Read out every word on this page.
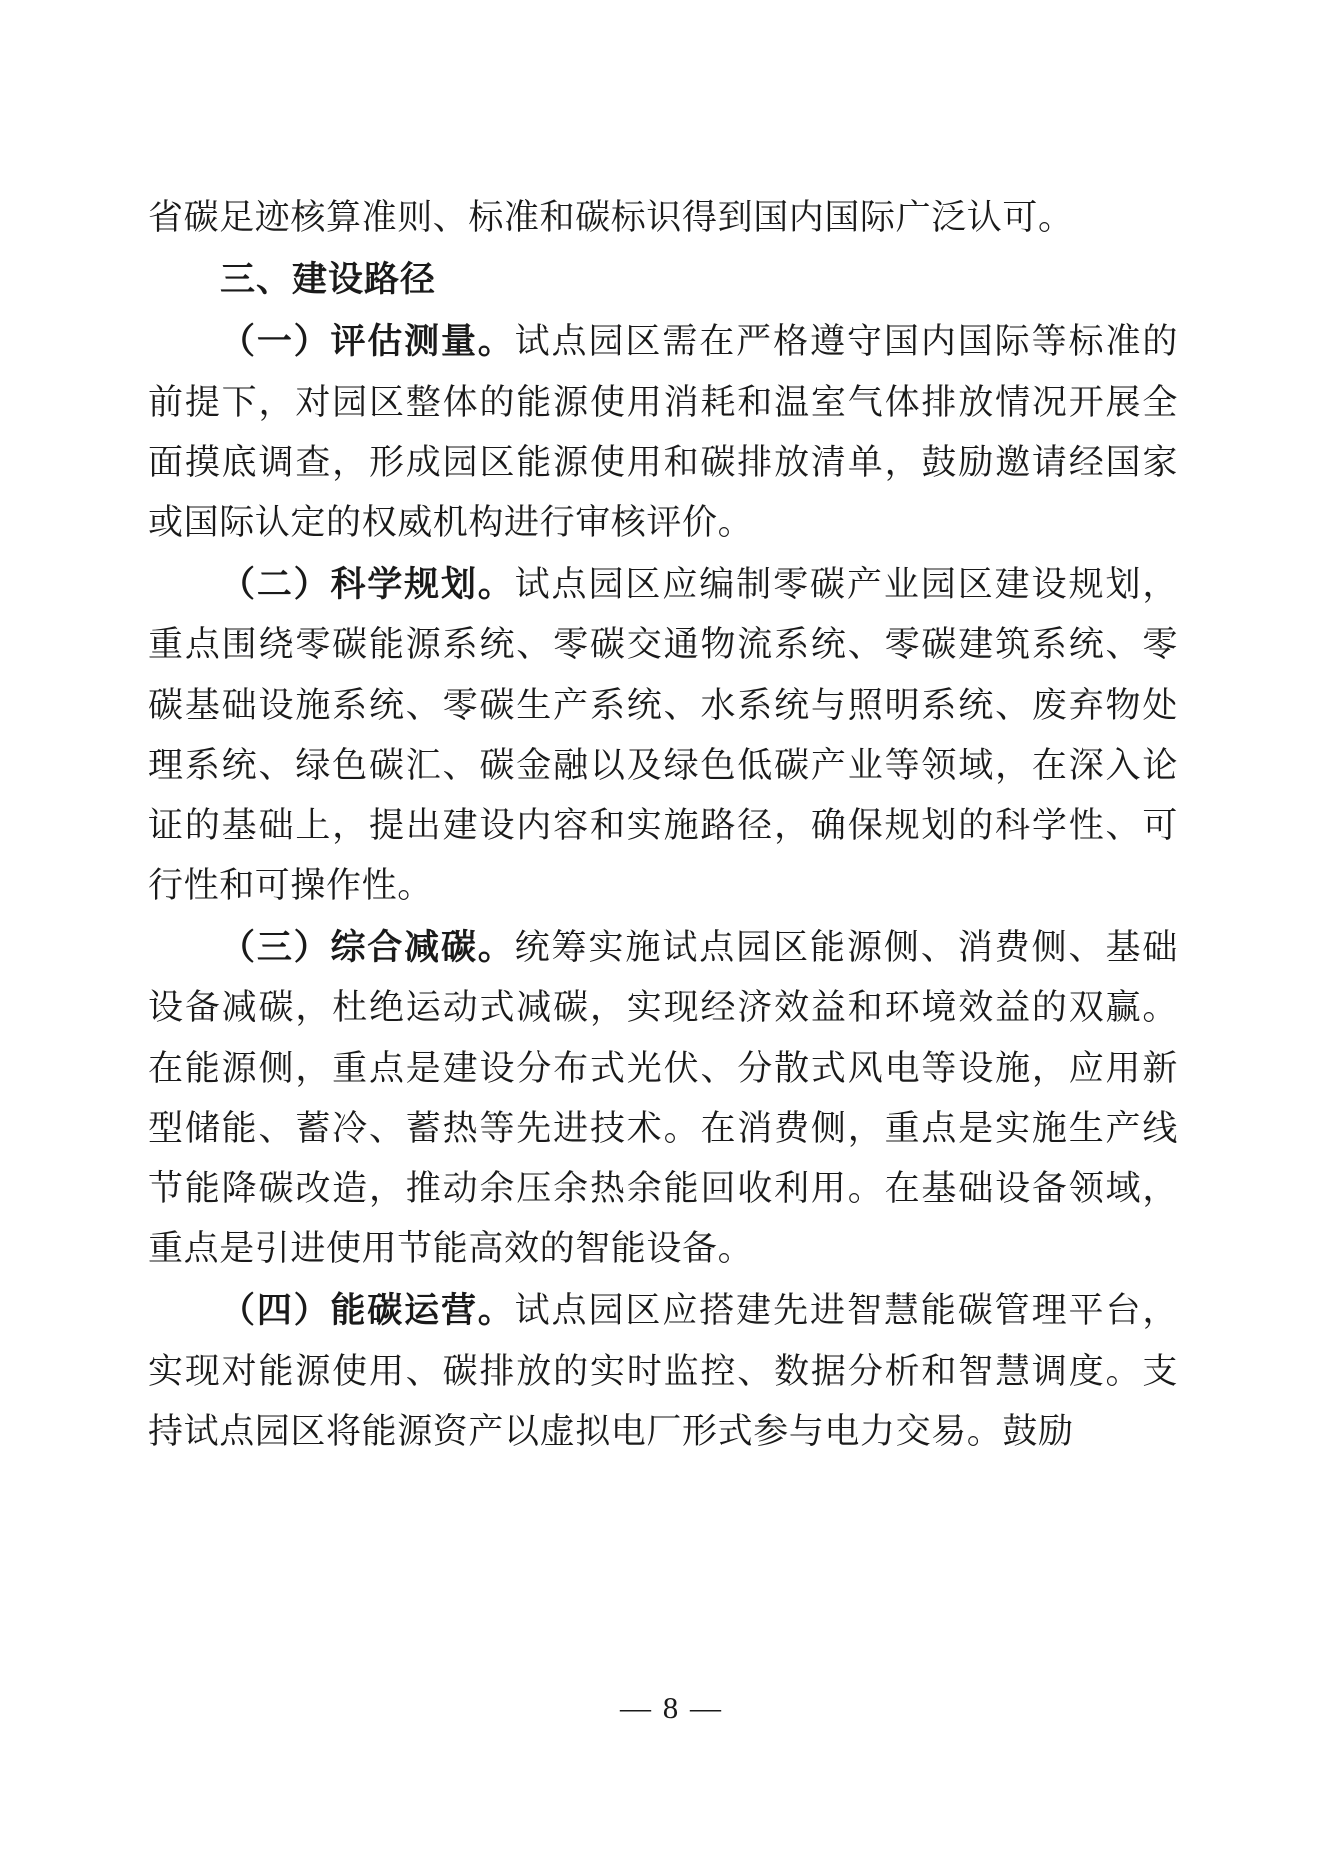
省碳足迹核算准则、标准和碳标识得到国内国际广泛认可。

三、建设路径

（一）评估测量。试点园区需在严格遵守国内国际等标准的前提下，对园区整体的能源使用消耗和温室气体排放情况开展全面摸底调查，形成园区能源使用和碳排放清单，鼓励邀请经国家或国际认定的权威机构进行审核评价。

（二）科学规划。试点园区应编制零碳产业园区建设规划，重点围绕零碳能源系统、零碳交通物流系统、零碳建筑系统、零碳基础设施系统、零碳生产系统、水系统与照明系统、废弃物处理系统、绿色碳汇、碳金融以及绿色低碳产业等领域，在深入论证的基础上，提出建设内容和实施路径，确保规划的科学性、可行性和可操作性。

（三）综合减碳。统筹实施试点园区能源侧、消费侧、基础设备减碳，杜绝运动式减碳，实现经济效益和环境效益的双赢。在能源侧，重点是建设分布式光伏、分散式风电等设施，应用新型储能、蓄冷、蓄热等先进技术。在消费侧，重点是实施生产线节能降碳改造，推动余压余热余能回收利用。在基础设备领域，重点是引进使用节能高效的智能设备。

（四）能碳运营。试点园区应搭建先进智慧能碳管理平台，实现对能源使用、碳排放的实时监控、数据分析和智慧调度。支持试点园区将能源资产以虚拟电厂形式参与电力交易。鼓励

— 8 —
